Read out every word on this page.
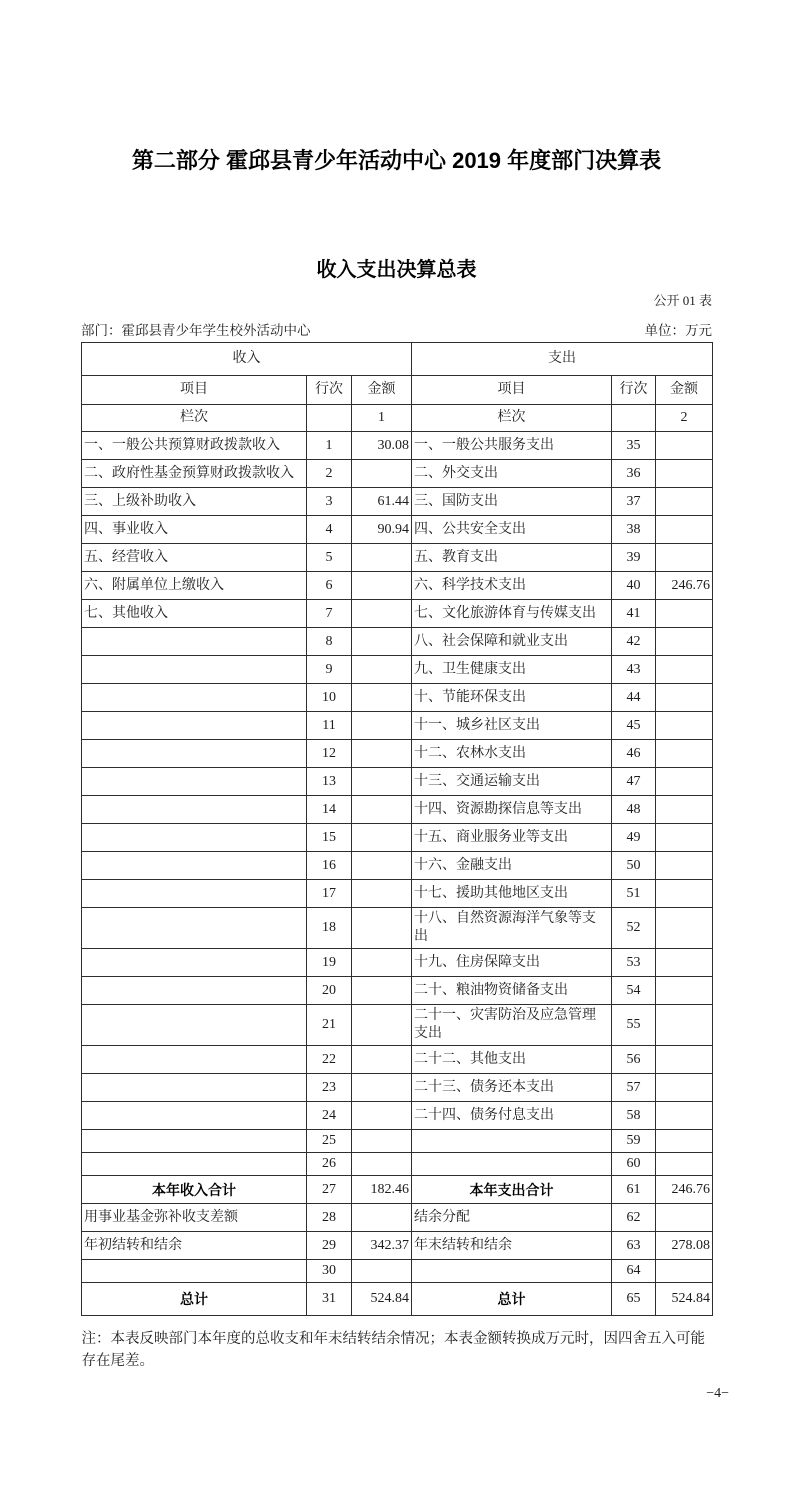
第二部分 霍邱县青少年活动中心 2019 年度部门决算表
收入支出决算总表
公开 01 表
部门：霍邱县青少年学生校外活动中心	单位：万元
收入			支出		
项目	行次	金额	项目	行次	金额
栏次		1	栏次		2
一、一般公共预算财政拨款收入	1	30.08	一、一般公共服务支出	35	
二、政府性基金预算财政拨款收入	2		二、外交支出	36	
三、上级补助收入	3	61.44	三、国防支出	37	
四、事业收入	4	90.94	四、公共安全支出	38	
五、经营收入	5		五、教育支出	39	
六、附属单位上缴收入	6		六、科学技术支出	40	246.76
七、其他收入	7		七、文化旅游体育与传媒支出	41	
	8		八、社会保障和就业支出	42	
	9		九、卫生健康支出	43	
	10		十、节能环保支出	44	
	11		十一、城乡社区支出	45	
	12		十二、农林水支出	46	
	13		十三、交通运输支出	47	
	14		十四、资源勘探信息等支出	48	
	15		十五、商业服务业等支出	49	
	16		十六、金融支出	50	
	17		十七、援助其他地区支出	51	
	18		十八、自然资源海洋气象等支出	52	
	19		十九、住房保障支出	53	
	20		二十、粮油物资储备支出	54	
	21		二十一、灾害防治及应急管理支出	55	
	22		二十二、其他支出	56	
	23		二十三、债务还本支出	57	
	24		二十四、债务付息支出	58	
	25			59	
	26			60	
本年收入合计	27	182.46	本年支出合计	61	246.76
用事业基金弥补收支差额	28		结余分配	62	
年初结转和结余	29	342.37	年末结转和结余	63	278.08
	30			64	
总计	31	524.84	总计	65	524.84

注：本表反映部门本年度的总收支和年末结转结余情况；本表金额转换成万元时，因四舍五入可能存在尾差。

−4−
